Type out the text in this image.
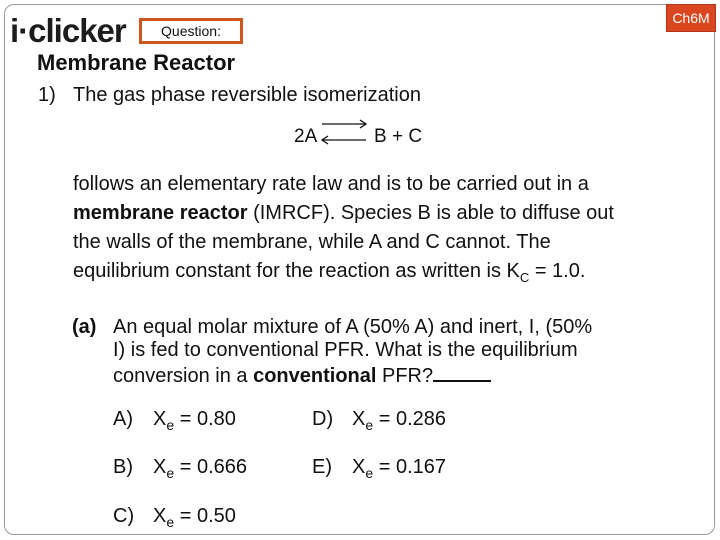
i·clicker	Question:
Ch6M
Membrane Reactor
1) The gas phase reversible isomerization
2A ⇌ B + C
follows an elementary rate law and is to be carried out in a
membrane reactor (IMRCF). Species B is able to diffuse out
the walls of the membrane, while A and C cannot. The
equilibrium constant for the reaction as written is $K_C = 1.0$.
(a) An equal molar mixture of A (50% A) and inert, I, (50%
I) is fed to conventional PFR. What is the equilibrium
conversion in a conventional PFR?
A) $X_e = 0.80$
B) $X_e = 0.666$
C) $X_e = 0.50$
D) $X_e = 0.286$
E) $X_e = 0.167$
